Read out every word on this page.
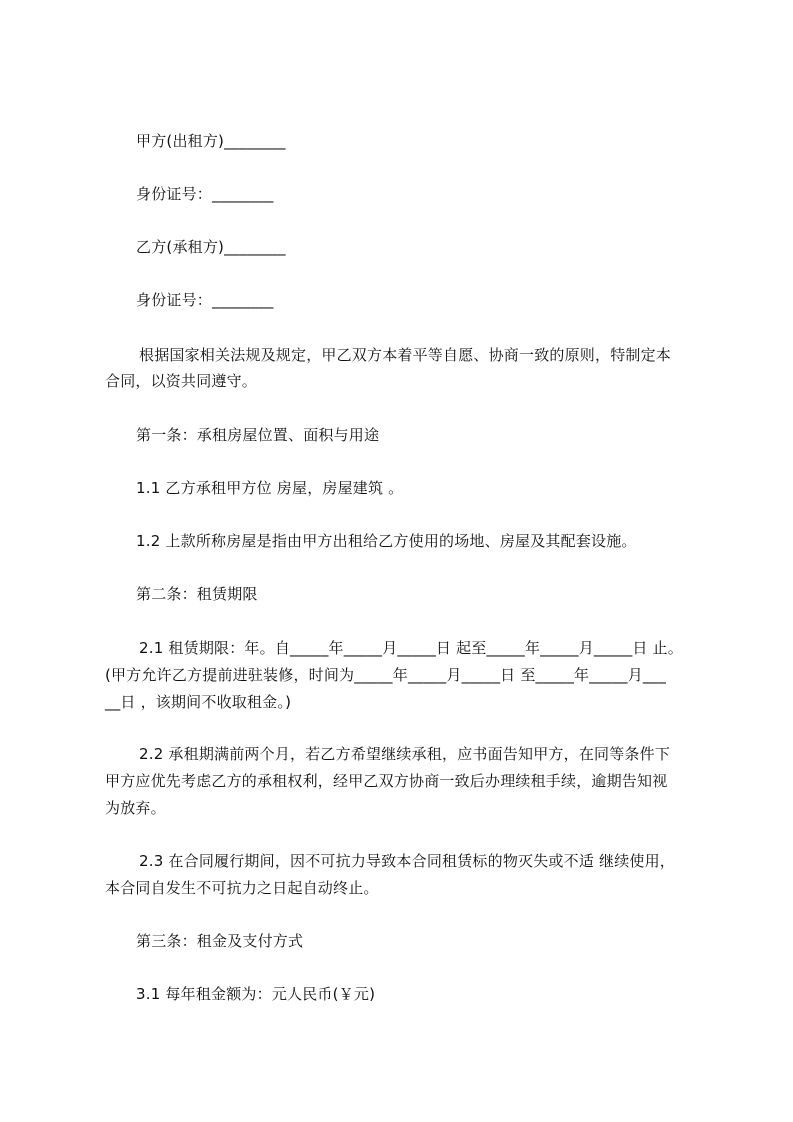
甲方(出租方)________
身份证号：________
乙方(承租方)________
身份证号：________
根据国家相关法规及规定，甲乙双方本着平等自愿、协商一致的原则，特制定本
合同，以资共同遵守。
第一条：承租房屋位置、面积与用途
1.1 乙方承租甲方位 房屋，房屋建筑 。
1.2 上款所称房屋是指由甲方出租给乙方使用的场地、房屋及其配套设施。
第二条：租赁期限
2.1 租赁期限：年。自_____年_____月_____日 起至_____年_____月_____日 止。
(甲方允许乙方提前进驻装修，时间为_____年_____月_____日 至_____年_____月___
__日 ，该期间不收取租金。)
2.2 承租期满前两个月，若乙方希望继续承租，应书面告知甲方，在同等条件下
甲方应优先考虑乙方的承租权利，经甲乙双方协商一致后办理续租手续，逾期告知视
为放弃。
2.3 在合同履行期间，因不可抗力导致本合同租赁标的物灭失或不适 继续使用，
本合同自发生不可抗力之日起自动终止。
第三条：租金及支付方式
3.1 每年租金额为：元人民币(￥元)
